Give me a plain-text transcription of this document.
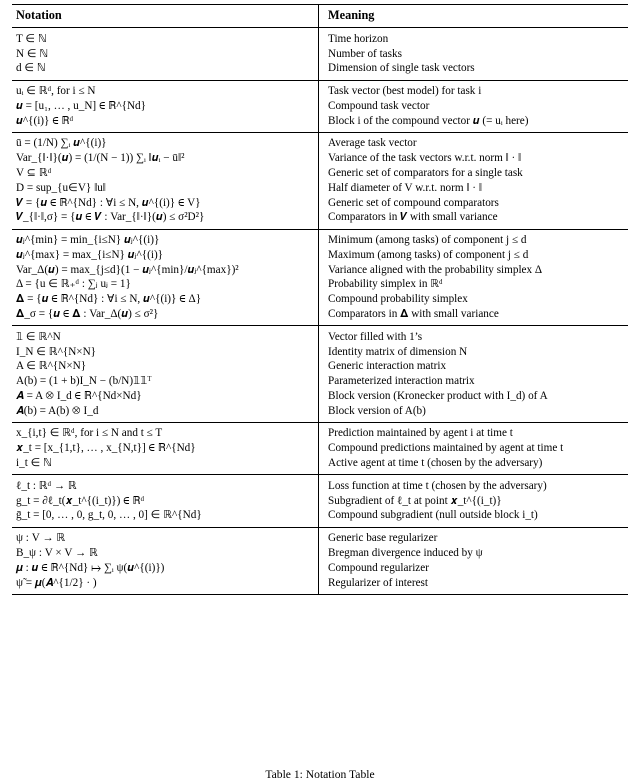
Notation	Meaning
T ∈ ℕ	Time horizon
N ∈ ℕ	Number of tasks
d ∈ ℕ	Dimension of single task vectors
uᵢ ∈ ℝᵈ, for i ≤ N	Task vector (best model) for task i
𝒖 = [u₁, … , u_N] ∈ ℝ^{Nd}	Compound task vector
𝒖^{(i)} ∈ ℝᵈ	Block i of the compound vector 𝒖 (= uᵢ here)
ū = (1/N) ∑ᵢ 𝒖^{(i)}	Average task vector
Var_{‖·‖}(𝒖) = (1/(N − 1)) ∑ᵢ ‖𝒖ᵢ − ū‖²	Variance of the task vectors w.r.t. norm ‖ · ‖
V ⊆ ℝᵈ	Generic set of comparators for a single task
D = sup_{u∈V} ‖u‖	Half diameter of V w.r.t. norm ‖ · ‖
𝑽 = {𝒖 ∈ ℝ^{Nd} : ∀i ≤ N, 𝒖^{(i)} ∈ V}	Generic set of compound comparators
𝑽_{‖·‖,σ} = {𝒖 ∈ 𝑽 : Var_{‖·‖}(𝒖) ≤ σ²D²}	Comparators in 𝑽 with small variance
𝒖ⱼ^{min} = min_{i≤N} 𝒖ⱼ^{(i)}	Minimum (among tasks) of component j ≤ d
𝒖ⱼ^{max} = max_{i≤N} 𝒖ⱼ^{(i)}	Maximum (among tasks) of component j ≤ d
Var_Δ(𝒖) = max_{j≤d}(1 − 𝒖ⱼ^{min}/𝒖ⱼ^{max})²	Variance aligned with the probability simplex Δ
Δ = {u ∈ ℝ₊ᵈ : ∑ⱼ uⱼ = 1}	Probability simplex in ℝᵈ
𝚫 = {𝒖 ∈ ℝ^{Nd} : ∀i ≤ N, 𝒖^{(i)} ∈ Δ}	Compound probability simplex
𝚫_σ = {𝒖 ∈ 𝚫 : Var_Δ(𝒖) ≤ σ²}	Comparators in 𝚫 with small variance
𝟙 ∈ ℝ^N	Vector filled with 1’s
I_N ∈ ℝ^{N×N}	Identity matrix of dimension N
A ∈ ℝ^{N×N}	Generic interaction matrix
A(b) = (1 + b)I_N − (b/N)𝟙𝟙ᵀ	Parameterized interaction matrix
𝑨 = A ⊗ I_d ∈ ℝ^{Nd×Nd}	Block version (Kronecker product with I_d) of A
𝑨(b) = A(b) ⊗ I_d	Block version of A(b)
x_{i,t} ∈ ℝᵈ, for i ≤ N and t ≤ T	Prediction maintained by agent i at time t
𝒙_t = [x_{1,t}, … , x_{N,t}] ∈ ℝ^{Nd}	Compound predictions maintained by agent at time t
i_t ∈ ℕ	Active agent at time t (chosen by the adversary)
ℓ_t : ℝᵈ → ℝ	Loss function at time t (chosen by the adversary)
g_t = ∂ℓ_t(𝒙_t^{(i_t)}) ∈ ℝᵈ	Subgradient of ℓ_t at point 𝒙_t^{(i_t)}
ḡ_t = [0, … , 0, g_t, 0, … , 0] ∈ ℝ^{Nd}	Compound subgradient (null outside block i_t)
ψ : V → ℝ	Generic base regularizer
B_ψ : V × V → ℝ	Bregman divergence induced by ψ
𝝁 : 𝒖 ∈ ℝ^{Nd} ↦ ∑ᵢ ψ(𝒖^{(i)})	Compound regularizer
ψ̃ = 𝝁(𝑨^{1/2} · )	Regularizer of interest
Table 1: Notation Table
